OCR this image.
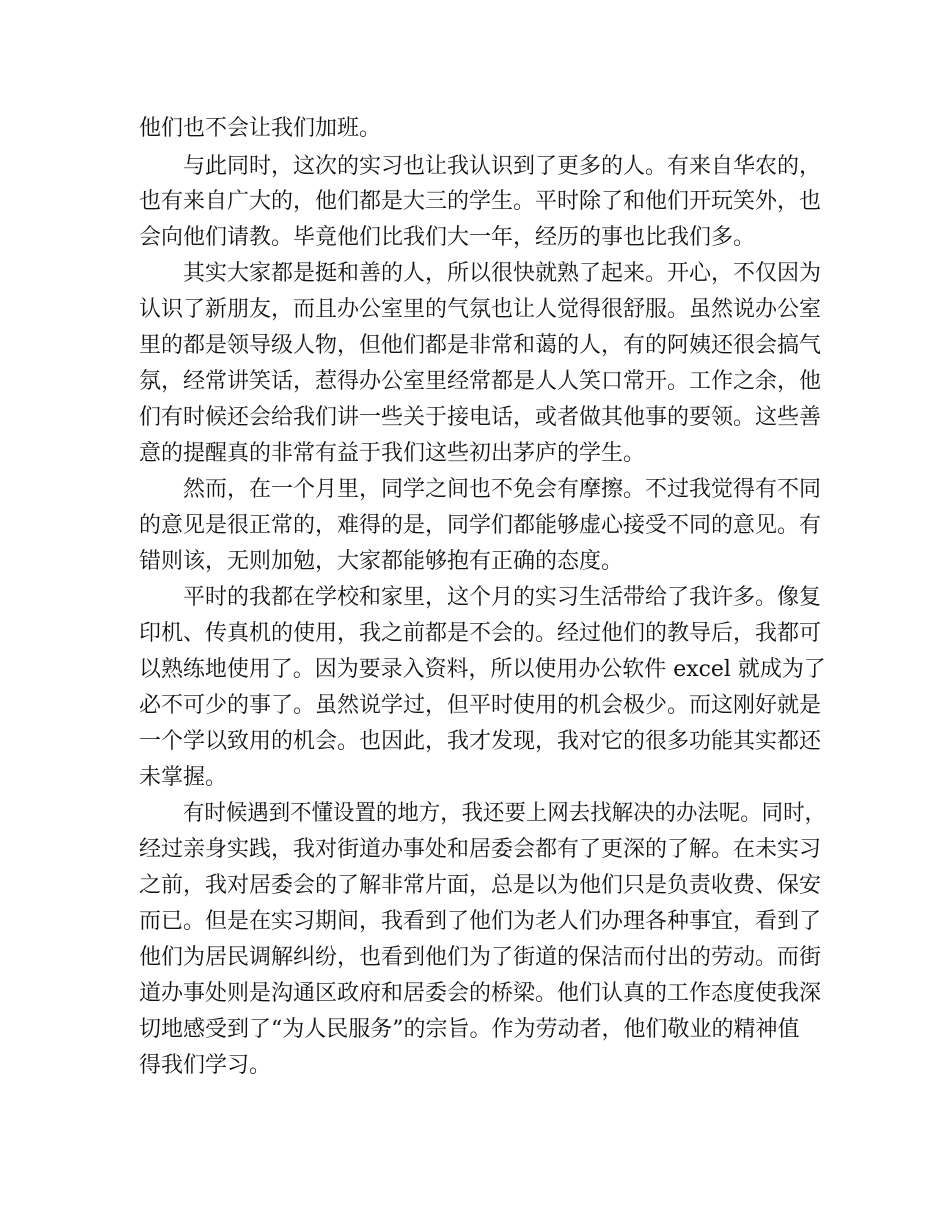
他们也不会让我们加班。
与此同时，这次的实习也让我认识到了更多的人。有来自华农的，
也有来自广大的，他们都是大三的学生。平时除了和他们开玩笑外，也
会向他们请教。毕竟他们比我们大一年，经历的事也比我们多。
其实大家都是挺和善的人，所以很快就熟了起来。开心，不仅因为
认识了新朋友，而且办公室里的气氛也让人觉得很舒服。虽然说办公室
里的都是领导级人物，但他们都是非常和蔼的人，有的阿姨还很会搞气
氛，经常讲笑话，惹得办公室里经常都是人人笑口常开。工作之余，他
们有时候还会给我们讲一些关于接电话，或者做其他事的要领。这些善
意的提醒真的非常有益于我们这些初出茅庐的学生。
然而，在一个月里，同学之间也不免会有摩擦。不过我觉得有不同
的意见是很正常的，难得的是，同学们都能够虚心接受不同的意见。有
错则该，无则加勉，大家都能够抱有正确的态度。
平时的我都在学校和家里，这个月的实习生活带给了我许多。像复
印机、传真机的使用，我之前都是不会的。经过他们的教导后，我都可
以熟练地使用了。因为要录入资料，所以使用办公软件 excel 就成为了
必不可少的事了。虽然说学过，但平时使用的机会极少。而这刚好就是
一个学以致用的机会。也因此，我才发现，我对它的很多功能其实都还
未掌握。
有时候遇到不懂设置的地方，我还要上网去找解决的办法呢。同时，
经过亲身实践，我对街道办事处和居委会都有了更深的了解。在未实习
之前，我对居委会的了解非常片面，总是以为他们只是负责收费、保安
而已。但是在实习期间，我看到了他们为老人们办理各种事宜，看到了
他们为居民调解纠纷，也看到他们为了街道的保洁而付出的劳动。而街
道办事处则是沟通区政府和居委会的桥梁。他们认真的工作态度使我深
切地感受到了“为人民服务”的宗旨。作为劳动者，他们敬业的精神值
得我们学习。
